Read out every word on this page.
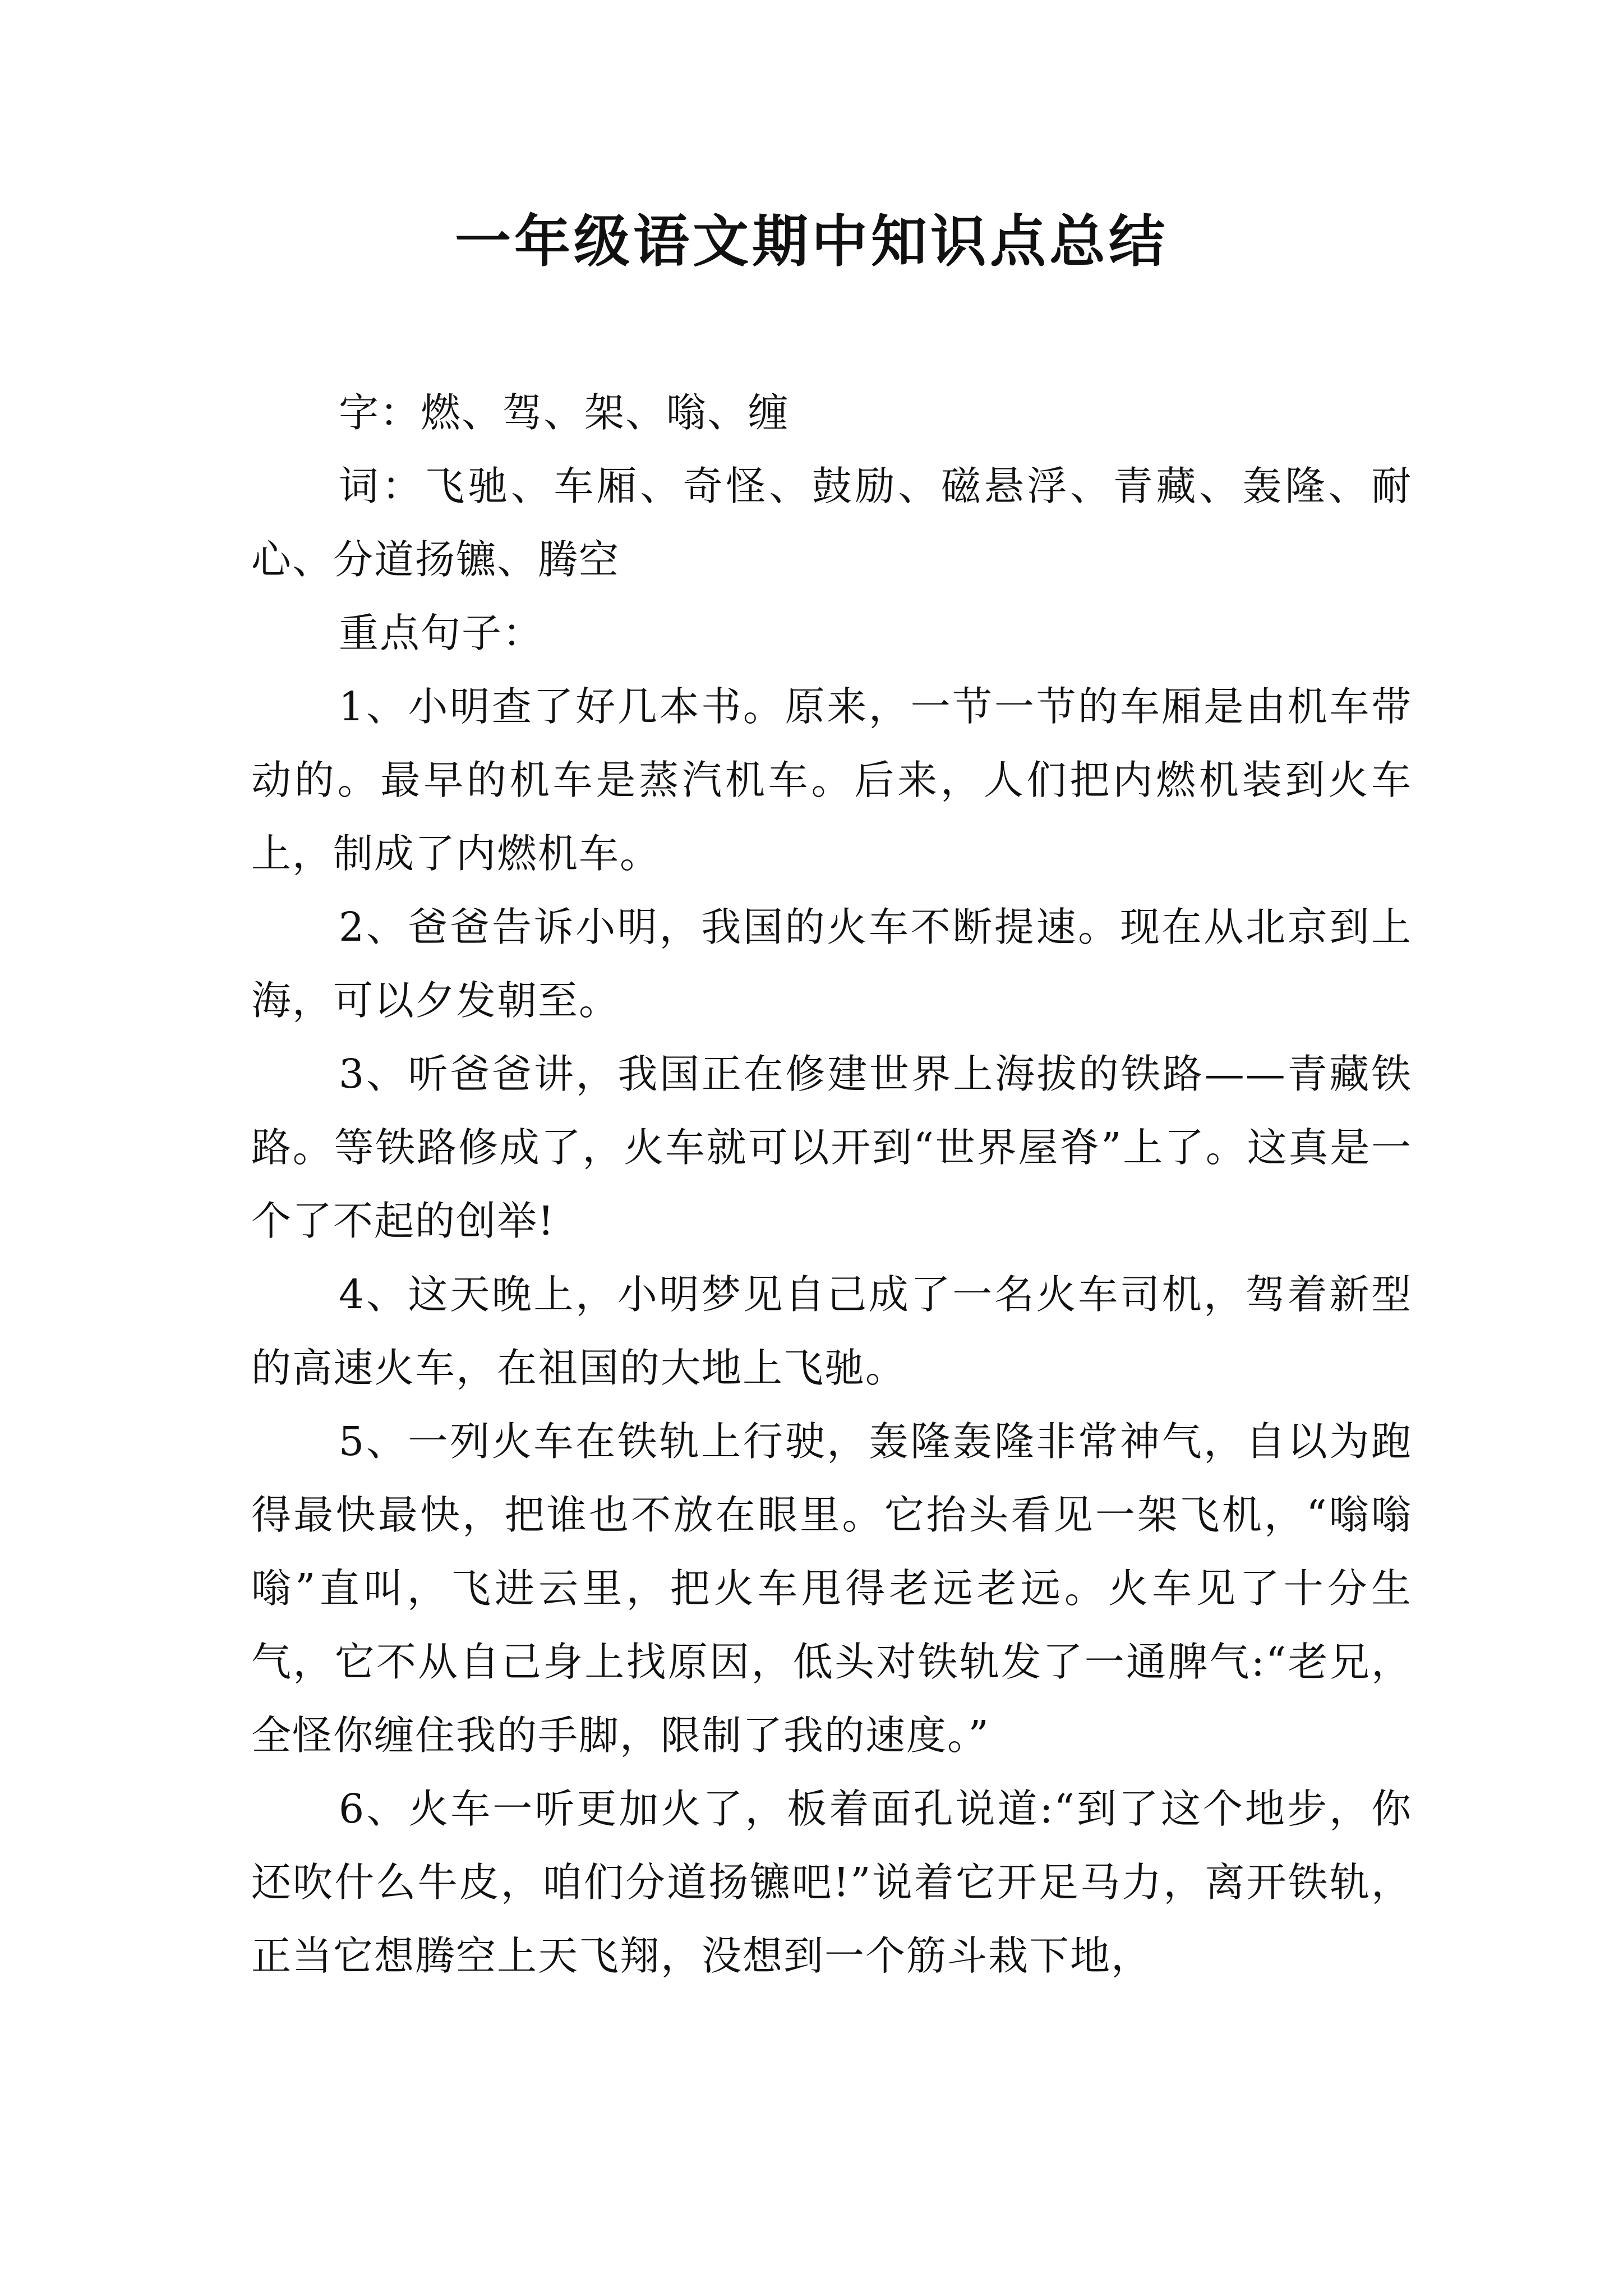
一年级语文期中知识点总结

字：燃、驾、架、嗡、缠

词：飞驰、车厢、奇怪、鼓励、磁悬浮、青藏、轰隆、耐心、分道扬镳、腾空

重点句子：

1、小明查了好几本书。原来，一节一节的车厢是由机车带动的。最早的机车是蒸汽机车。后来，人们把内燃机装到火车上，制成了内燃机车。

2、爸爸告诉小明，我国的火车不断提速。现在从北京到上海，可以夕发朝至。

3、听爸爸讲，我国正在修建世界上海拔的铁路——青藏铁路。等铁路修成了，火车就可以开到“世界屋脊”上了。这真是一个了不起的创举!

4、这天晚上，小明梦见自己成了一名火车司机，驾着新型的高速火车，在祖国的大地上飞驰。

5、一列火车在铁轨上行驶，轰隆轰隆非常神气，自以为跑得最快最快，把谁也不放在眼里。它抬头看见一架飞机，“嗡嗡嗡”直叫，飞进云里，把火车甩得老远老远。火车见了十分生气，它不从自己身上找原因，低头对铁轨发了一通脾气:“老兄，全怪你缠住我的手脚，限制了我的速度。”

6、火车一听更加火了，板着面孔说道:“到了这个地步，你还吹什么牛皮，咱们分道扬镳吧!”说着它开足马力，离开铁轨，正当它想腾空上天飞翔，没想到一个筋斗栽下地，
